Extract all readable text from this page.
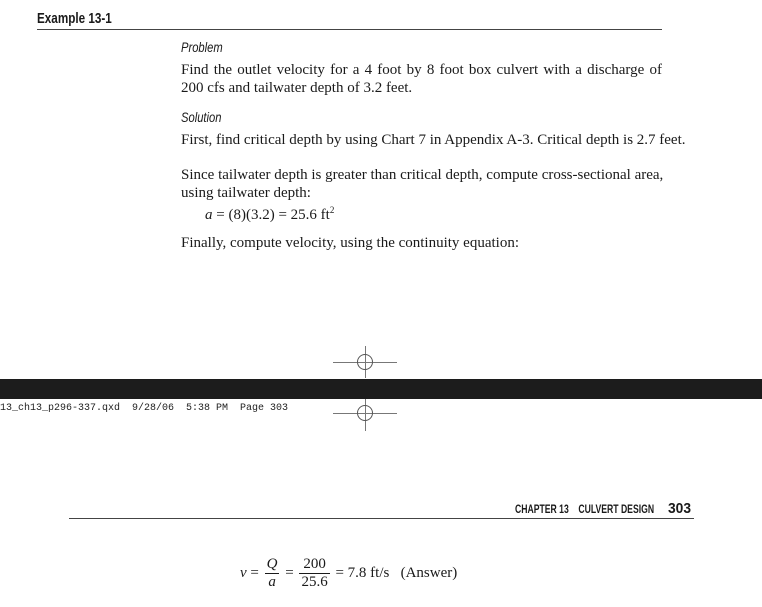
Example 13-1
Problem
Find the outlet velocity for a 4 foot by 8 foot box culvert with a discharge of
200 cfs and tailwater depth of 3.2 feet.
Solution
First, find critical depth by using Chart 7 in Appendix A-3. Critical depth is 2.7 feet.
Since tailwater depth is greater than critical depth, compute cross-sectional area,
using tailwater depth:
a = (8)(3.2) = 25.6 $ft^2$
Finally, compute velocity, using the continuity equation:
13_ch13_p296-337.qxd  9/28/06  5:38 PM  Page 303
CHAPTER 13 CULVERT DESIGN 303
$v = \frac{Q}{a} = \frac{200}{25.6} = 7.8$ ft/s (Answer)
